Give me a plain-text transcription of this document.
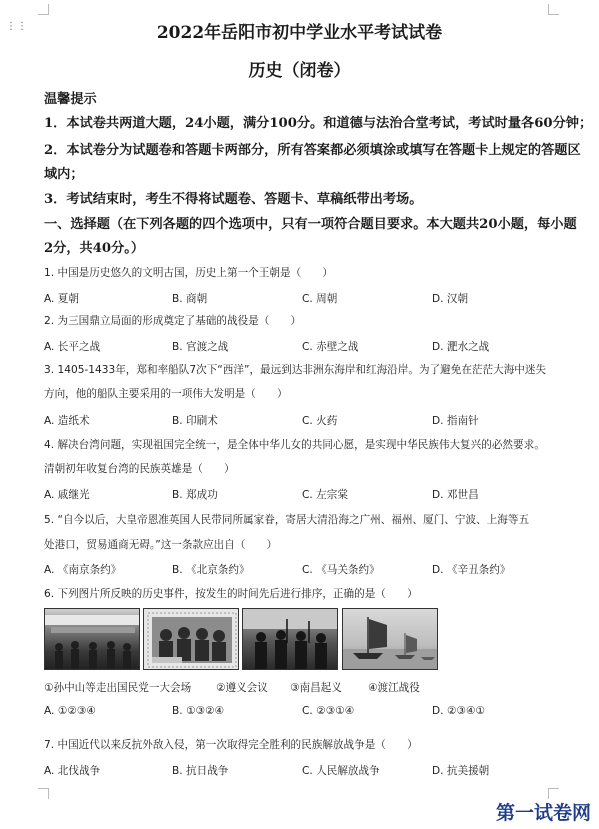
⋮⋮	2022年岳阳市初中学业水平考试试卷
历史（闭卷）
温馨提示
1．本试卷共两道大题，24小题，满分100分。和道德与法治合堂考试，考试时量各60分钟；
2．本试卷分为试题卷和答题卡两部分，所有答案都必须填涂或填写在答题卡上规定的答题区
域内；
3．考试结束时，考生不得将试题卷、答题卡、草稿纸带出考场。
一、选择题（在下列各题的四个选项中，只有一项符合题目要求。本大题共20小题，每小题
2分，共40分。）
1. 中国是历史悠久的文明古国，历史上第一个王朝是（　　）
A. 夏朝	B. 商朝	C. 周朝	D. 汉朝
2. 为三国鼎立局面的形成奠定了基础的战役是（　　）
A. 长平之战	B. 官渡之战	C. 赤壁之战	D. 淝水之战
3. 1405-1433年，郑和率船队7次下“西洋”，最远到达非洲东海岸和红海沿岸。为了避免在茫茫大海中迷失
方向，他的船队主要采用的一项伟大发明是（　　）
A. 造纸术	B. 印刷术	C. 火药	D. 指南针
4. 解决台湾问题，实现祖国完全统一，是全体中华儿女的共同心愿，是实现中华民族伟大复兴的必然要求。
清朝初年收复台湾的民族英雄是（　　）
A. 戚继光	B. 郑成功	C. 左宗棠	D. 邓世昌
5. “自今以后，大皇帝恩准英国人民带同所属家眷，寄居大清沿海之广州、福州、厦门、宁波、上海等五
处港口，贸易通商无碍。”这一条款应出自（　　）
A. 《南京条约》	B. 《北京条约》	C. 《马关条约》	D. 《辛丑条约》
6. 下列图片所反映的历史事件，按发生的时间先后进行排序，正确的是（　　）
①孙中山等走出国民党一大会场 ②遵义会议 ③南昌起义 ④渡江战役
A. ①②③④	B. ①③②④	C. ②③①④	D. ②③④①
7. 中国近代以来反抗外敌入侵，第一次取得完全胜利的民族解放战争是（　　）
A. 北伐战争	B. 抗日战争	C. 人民解放战争	D. 抗美援朝
第一试卷网
